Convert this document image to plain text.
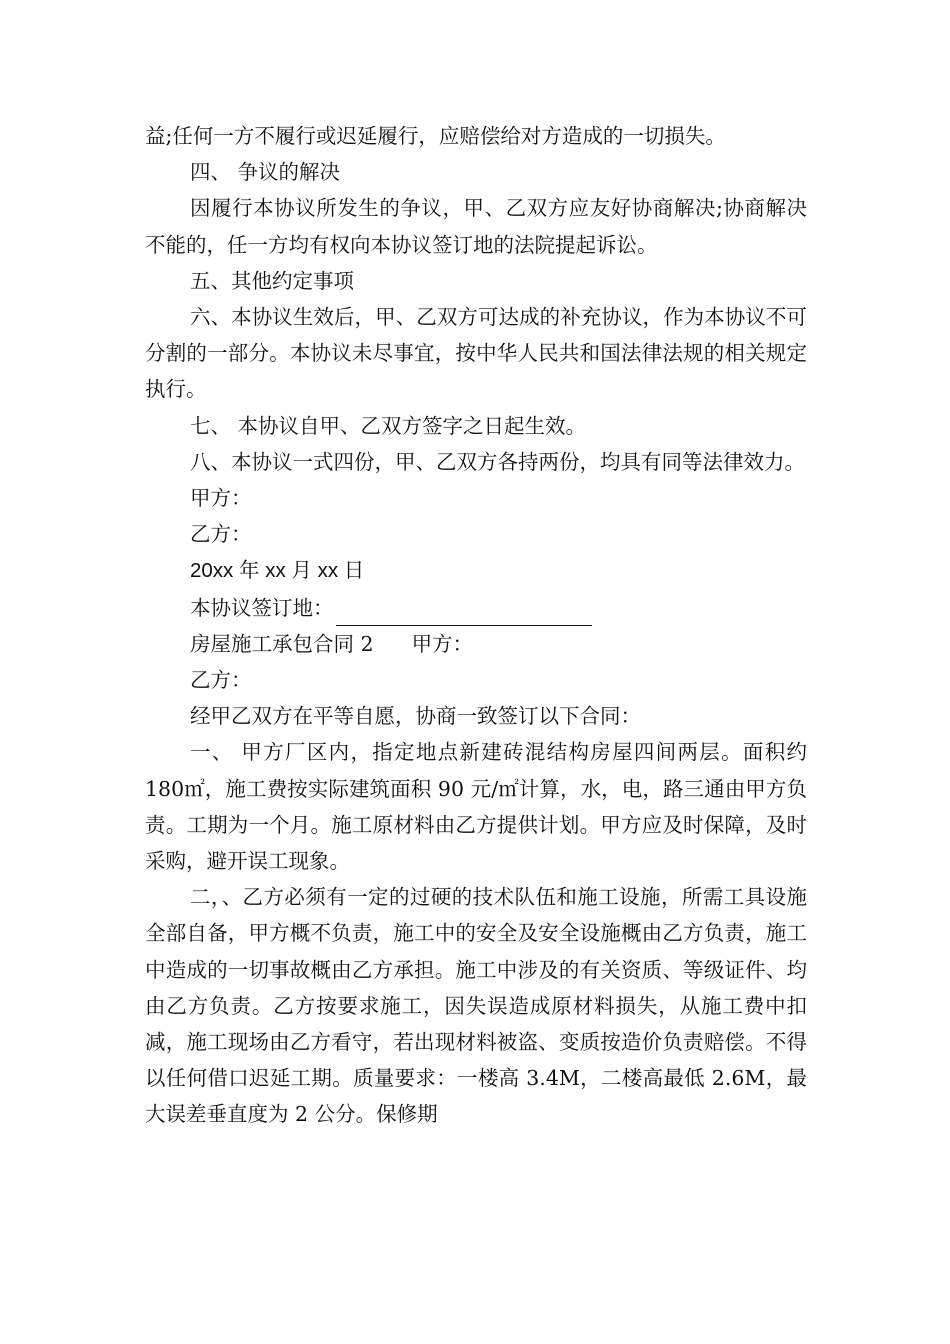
益;任何一方不履行或迟延履行，应赔偿给对方造成的一切损失。

四、 争议的解决

因履行本协议所发生的争议，甲、乙双方应友好协商解决;协商解决不能的，任一方均有权向本协议签订地的法院提起诉讼。

五、其他约定事项

六、本协议生效后，甲、乙双方可达成的补充协议，作为本协议不可分割的一部分。本协议未尽事宜，按中华人民共和国法律法规的相关规定执行。

七、 本协议自甲、乙双方签字之日起生效。

八、本协议一式四份，甲、乙双方各持两份，均具有同等法律效力。

甲方：

乙方：

20xx 年 xx 月 xx 日

本协议签订地：

房屋施工承包合同 2 甲方：

乙方：

经甲乙双方在平等自愿，协商一致签订以下合同：

一、 甲方厂区内，指定地点新建砖混结构房屋四间两层。面积约 180㎡，施工费按实际建筑面积 90 元/㎡计算，水，电，路三通由甲方负责。工期为一个月。施工原材料由乙方提供计划。甲方应及时保障，及时采购，避开误工现象。

二，、乙方必须有一定的过硬的技术队伍和施工设施，所需工具设施全部自备，甲方概不负责，施工中的安全及安全设施概由乙方负责，施工中造成的一切事故概由乙方承担。施工中涉及的有关资质、等级证件、均由乙方负责。乙方按要求施工，因失误造成原材料损失，从施工费中扣减，施工现场由乙方看守，若出现材料被盗、变质按造价负责赔偿。不得以任何借口迟延工期。质量要求：一楼高 3.4M，二楼高最低 2.6M，最大误差垂直度为 2 公分。保修期
